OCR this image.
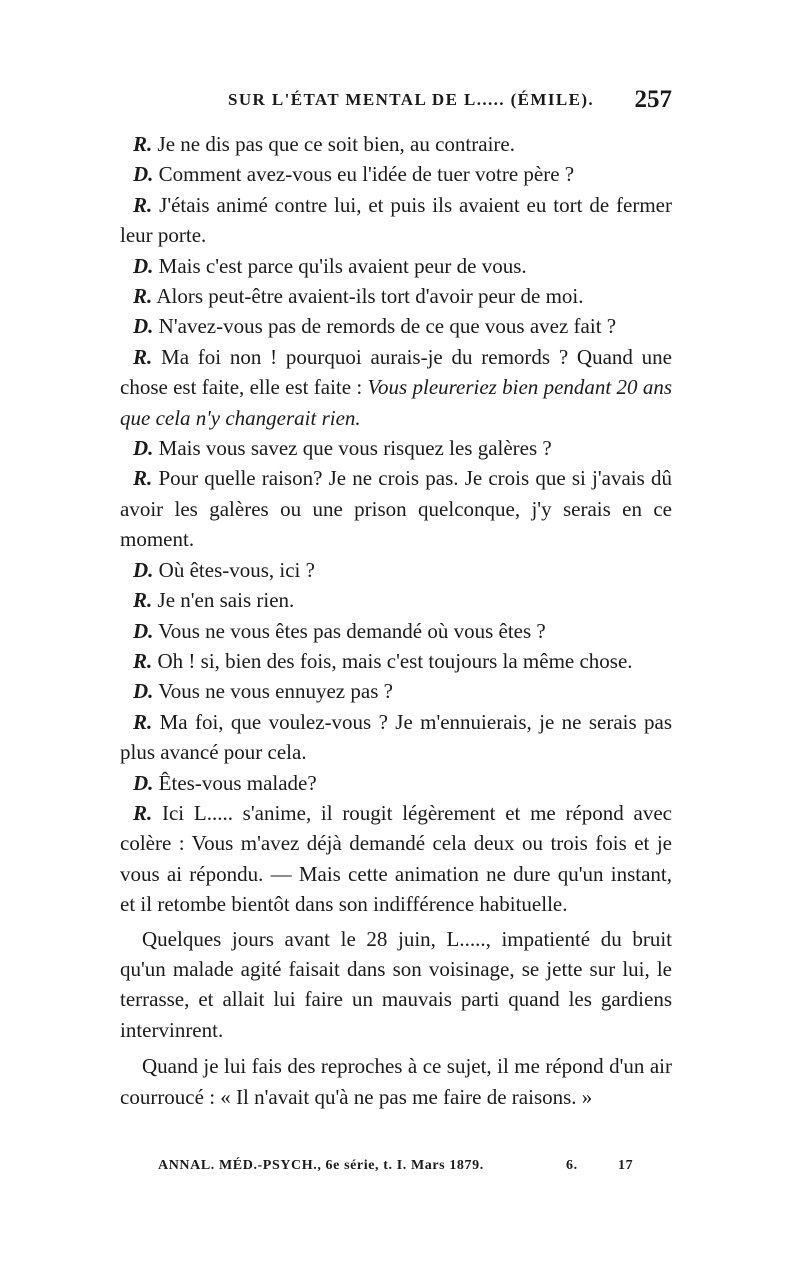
SUR L'ÉTAT MENTAL DE L..... (ÉMILE). 257

R. Je ne dis pas que ce soit bien, au contraire.

D. Comment avez-vous eu l'idée de tuer votre père ?

R. J'étais animé contre lui, et puis ils avaient eu tort de fermer leur porte.

D. Mais c'est parce qu'ils avaient peur de vous.

R. Alors peut-être avaient-ils tort d'avoir peur de moi.

D. N'avez-vous pas de remords de ce que vous avez fait ?

R. Ma foi non ! pourquoi aurais-je du remords ? Quand une chose est faite, elle est faite : Vous pleureriez bien pendant 20 ans que cela n'y changerait rien.

D. Mais vous savez que vous risquez les galères ?

R. Pour quelle raison? Je ne crois pas. Je crois que si j'avais dû avoir les galères ou une prison quelconque, j'y serais en ce moment.

D. Où êtes-vous, ici ?

R. Je n'en sais rien.

D. Vous ne vous êtes pas demandé où vous êtes ?

R. Oh ! si, bien des fois, mais c'est toujours la même chose.

D. Vous ne vous ennuyez pas ?

R. Ma foi, que voulez-vous ? Je m'ennuierais, je ne serais pas plus avancé pour cela.

D. Êtes-vous malade?

R. Ici L..... s'anime, il rougit légèrement et me répond avec colère : Vous m'avez déjà demandé cela deux ou trois fois et je vous ai répondu. — Mais cette animation ne dure qu'un instant, et il retombe bientôt dans son indifférence habituelle.

Quelques jours avant le 28 juin, L....., impatienté du bruit qu'un malade agité faisait dans son voisinage, se jette sur lui, le terrasse, et allait lui faire un mauvais parti quand les gardiens intervinrent.

Quand je lui fais des reproches à ce sujet, il me répond d'un air courroucé : « Il n'avait qu'à ne pas me faire de raisons. »

ANNAL. MÉD.-PSYCH., 6e série, t. I. Mars 1879.	6.	17
